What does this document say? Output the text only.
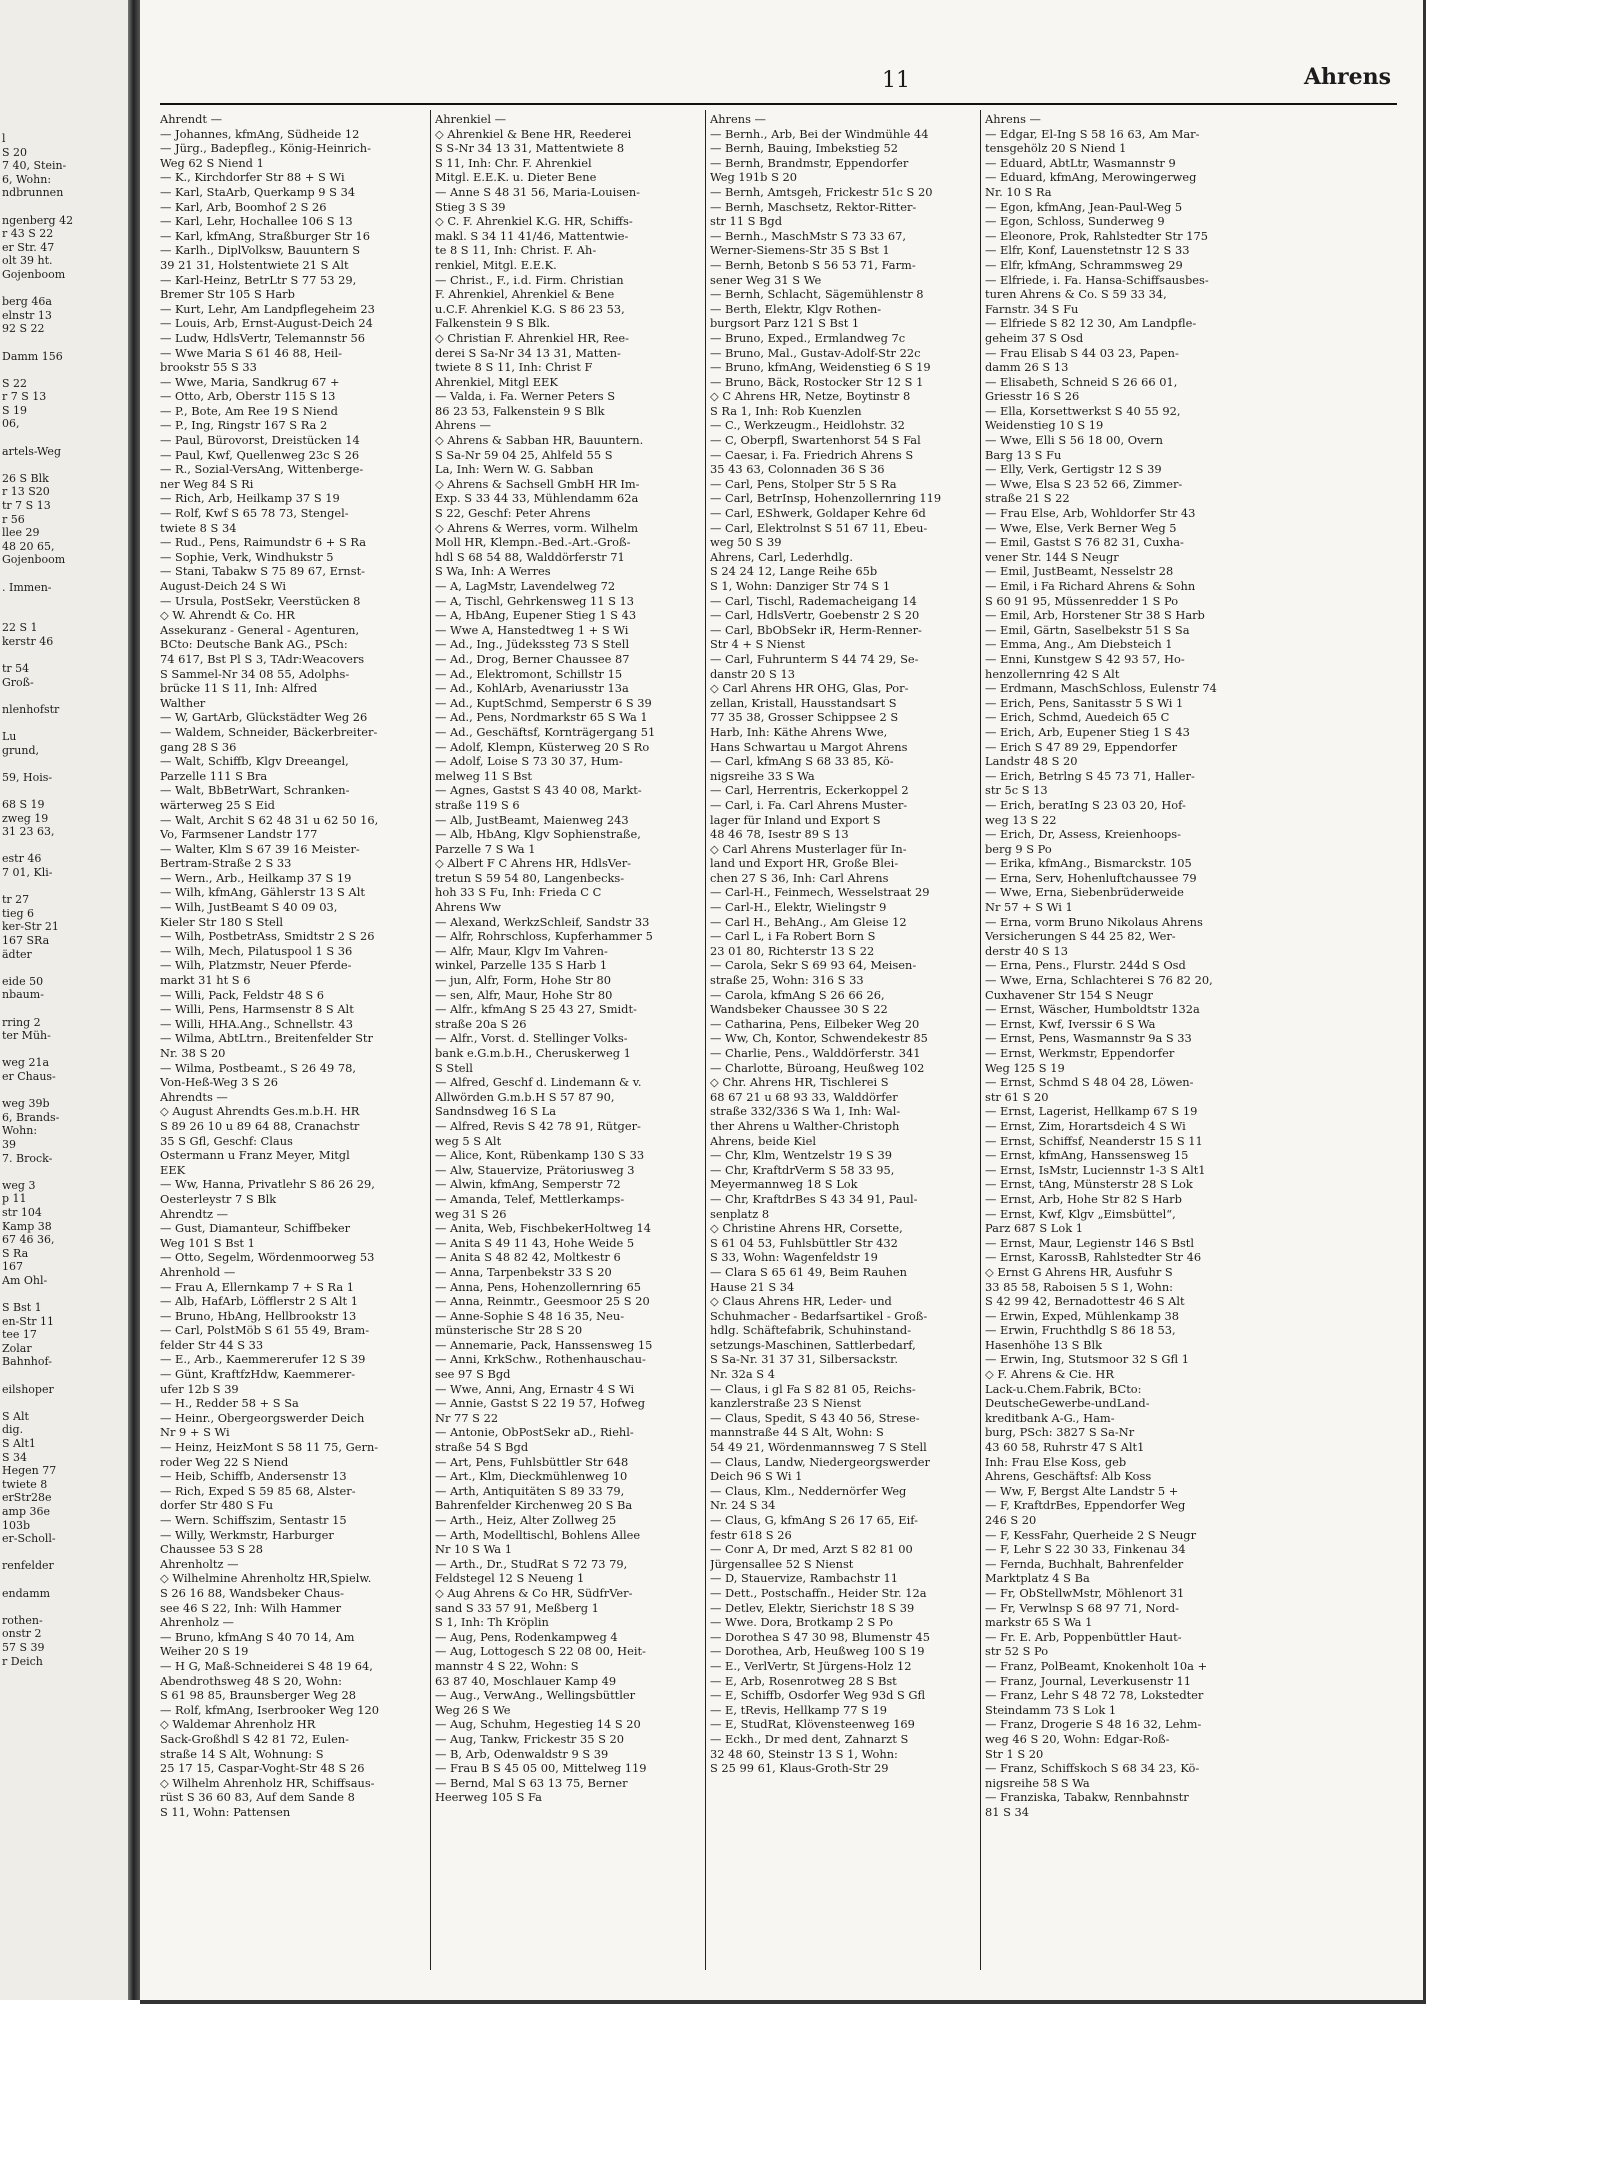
l
S 20
7 40, Stein-
6, Wohn:
ndbrunnen
ngenberg 42
r 43 S 22
er Str. 47
olt 39 ht.
Gojenboom
berg 46a
elnstr 13
92 S 22
Damm 156
S 22
r 7 S 13
S 19
06,
artels-Weg
26 S Blk
r 13 S20
tr 7 S 13
r 56
llee 29
48 20 65,
Gojenboom
. Immen-
22 S 1
kerstr 46
tr 54
Groß-
nlenhofstr
Lu
grund,
59, Hois-
68 S 19
zweg 19
31 23 63,
estr 46
7 01, Kli-
tr 27
tieg 6
ker-Str 21
167 SRa
ädter
eide 50
nbaum-
rring 2
ter Müh-
weg 21a
er Chaus-
weg 39b
6, Brands-
Wohn:
39
7. Brock-
weg 3
p 11
str 104
Kamp 38
67 46 36,
S Ra
167
Am Ohl-
S Bst 1
en-Str 11
tee 17
Zolar
Bahnhof-
eilshoper
S Alt
dig.
S Alt1
S 34
Hegen 77
twiete 8
erStr28e
amp 36e
103b
er-Scholl-
renfelder
endamm
rothen-
onstr 2
57 S 39
r Deich
11	Ahrens
Ahrendt —
— Johannes, kfmAng, Südheide 12
— Jürg., Badepfleg., König-Heinrich-
Weg 62 S Niend 1
— K., Kirchdorfer Str 88 + S Wi
— Karl, StaArb, Querkamp 9 S 34
— Karl, Arb, Boomhof 2 S 26
— Karl, Lehr, Hochallee 106 S 13
— Karl, kfmAng, Straßburger Str 16
— Karlh., DiplVolksw, Bauuntern S
39 21 31, Holstentwiete 21 S Alt
— Karl-Heinz, BetrLtr S 77 53 29,
Bremer Str 105 S Harb
— Kurt, Lehr, Am Landpflegeheim 23
— Louis, Arb, Ernst-August-Deich 24
— Ludw, HdlsVertr, Telemannstr 56
— Wwe Maria S 61 46 88, Heil-
brookstr 55 S 33
— Wwe, Maria, Sandkrug 67 +
— Otto, Arb, Oberstr 115 S 13
— P., Bote, Am Ree 19 S Niend
— P., Ing, Ringstr 167 S Ra 2
— Paul, Bürovorst, Dreistücken 14
— Paul, Kwf, Quellenweg 23c S 26
— R., Sozial-VersAng, Wittenberge-
ner Weg 84 S Ri
— Rich, Arb, Heilkamp 37 S 19
— Rolf, Kwf S 65 78 73, Stengel-
twiete 8 S 34
— Rud., Pens, Raimundstr 6 + S Ra
— Sophie, Verk, Windhukstr 5
— Stani, Tabakw S 75 89 67, Ernst-
August-Deich 24 S Wi
— Ursula, PostSekr, Veerstücken 8
◇ W. Ahrendt & Co. HR
Assekuranz - General - Agenturen,
BCto: Deutsche Bank AG., PSch:
74 617, Bst Pl S 3, TAdr:Weacovers
S Sammel-Nr 34 08 55, Adolphs-
brücke 11 S 11, Inh: Alfred
Walther
— W, GartArb, Glückstädter Weg 26
— Waldem, Schneider, Bäckerbreiter-
gang 28 S 36
— Walt, Schiffb, Klgv Dreeangel,
Parzelle 111 S Bra
— Walt, BbBetrWart, Schranken-
wärterweg 25 S Eid
— Walt, Archit S 62 48 31 u 62 50 16,
Vo, Farmsener Landstr 177
— Walter, Klm S 67 39 16 Meister-
Bertram-Straße 2 S 33
— Wern., Arb., Heilkamp 37 S 19
— Wilh, kfmAng, Gählerstr 13 S Alt
— Wilh, JustBeamt S 40 09 03,
Kieler Str 180 S Stell
— Wilh, PostbetrAss, Smidtstr 2 S 26
— Wilh, Mech, Pilatuspool 1 S 36
— Wilh, Platzmstr, Neuer Pferde-
markt 31 ht S 6
— Willi, Pack, Feldstr 48 S 6
— Willi, Pens, Harmsenstr 8 S Alt
— Willi, HHA.Ang., Schnellstr. 43
— Wilma, AbtLtrn., Breitenfelder Str
Nr. 38 S 20
— Wilma, Postbeamt., S 26 49 78,
Von-Heß-Weg 3 S 26
Ahrendts —
◇ August Ahrendts Ges.m.b.H. HR
S 89 26 10 u 89 64 88, Cranachstr
35 S Gfl, Geschf: Claus
Ostermann u Franz Meyer, Mitgl
EEK
— Ww, Hanna, Privatlehr S 86 26 29,
Oesterleystr 7 S Blk
Ahrendtz —
— Gust, Diamanteur, Schiffbeker
Weg 101 S Bst 1
— Otto, Segelm, Wördenmoorweg 53
Ahrenhold —
— Frau A, Ellernkamp 7 + S Ra 1
— Alb, HafArb, Löfflerstr 2 S Alt 1
— Bruno, HbAng, Hellbrookstr 13
— Carl, PolstMöb S 61 55 49, Bram-
felder Str 44 S 33
— E., Arb., Kaemmererufer 12 S 39
— Günt, KraftfzHdw, Kaemmerer-
ufer 12b S 39
— H., Redder 58 + S Sa
— Heinr., Obergeorgswerder Deich
Nr 9 + S Wi
— Heinz, HeizMont S 58 11 75, Gern-
roder Weg 22 S Niend
— Heib, Schiffb, Andersenstr 13
— Rich, Exped S 59 85 68, Alster-
dorfer Str 480 S Fu
— Wern. Schiffszim, Sentastr 15
— Willy, Werkmstr, Harburger
Chaussee 53 S 28
Ahrenholtz —
◇ Wilhelmine Ahrenholtz HR,Spielw.
S 26 16 88, Wandsbeker Chaus-
see 46 S 22, Inh: Wilh Hammer
Ahrenholz —
— Bruno, kfmAng S 40 70 14, Am
Weiher 20 S 19
— H G, Maß-Schneiderei S 48 19 64,
Abendrothsweg 48 S 20, Wohn:
S 61 98 85, Braunsberger Weg 28
— Rolf, kfmAng, Iserbrooker Weg 120
◇ Waldemar Ahrenholz HR
Sack-Großhdl S 42 81 72, Eulen-
straße 14 S Alt, Wohnung: S
25 17 15, Caspar-Voght-Str 48 S 26
◇ Wilhelm Ahrenholz HR, Schiffsaus-
rüst S 36 60 83, Auf dem Sande 8
S 11, Wohn: Pattensen
Ahrenkiel —
◇ Ahrenkiel & Bene HR, Reederei
S S-Nr 34 13 31, Mattentwiete 8
S 11, Inh: Chr. F. Ahrenkiel
Mitgl. E.E.K. u. Dieter Bene
— Anne S 48 31 56, Maria-Louisen-
Stieg 3 S 39
◇ C. F. Ahrenkiel K.G. HR, Schiffs-
makl. S 34 11 41/46, Mattentwie-
te 8 S 11, Inh: Christ. F. Ah-
renkiel, Mitgl. E.E.K.
— Christ., F., i.d. Firm. Christian
F. Ahrenkiel, Ahrenkiel & Bene
u.C.F. Ahrenkiel K.G. S 86 23 53,
Falkenstein 9 S Blk.
◇ Christian F. Ahrenkiel HR, Ree-
derei S Sa-Nr 34 13 31, Matten-
twiete 8 S 11, Inh: Christ F
Ahrenkiel, Mitgl EEK
— Valda, i. Fa. Werner Peters S
86 23 53, Falkenstein 9 S Blk
Ahrens —
◇ Ahrens & Sabban HR, Bauuntern.
S Sa-Nr 59 04 25, Ahlfeld 55 S
La, Inh: Wern W. G. Sabban
◇ Ahrens & Sachsell GmbH HR Im-
Exp. S 33 44 33, Mühlendamm 62a
S 22, Geschf: Peter Ahrens
◇ Ahrens & Werres, vorm. Wilhelm
Moll HR, Klempn.-Bed.-Art.-Groß-
hdl S 68 54 88, Walddörferstr 71
S Wa, Inh: A Werres
— A, LagMstr, Lavendelweg 72
— A, Tischl, Gehrkensweg 11 S 13
— A, HbAng, Eupener Stieg 1 S 43
— Wwe A, Hanstedtweg 1 + S Wi
— Ad., Ing., Jüdekssteg 73 S Stell
— Ad., Drog, Berner Chaussee 87
— Ad., Elektromont, Schillstr 15
— Ad., KohlArb, Avenariusstr 13a
— Ad., KuptSchmd, Semperstr 6 S 39
— Ad., Pens, Nordmarkstr 65 S Wa 1
— Ad., Geschäftsf, Kornträgergang 51
— Adolf, Klempn, Küsterweg 20 S Ro
— Adolf, Loise S 73 30 37, Hum-
melweg 11 S Bst
— Agnes, Gastst S 43 40 08, Markt-
straße 119 S 6
— Alb, JustBeamt, Maienweg 243
— Alb, HbAng, Klgv Sophienstraße,
Parzelle 7 S Wa 1
◇ Albert F C Ahrens HR, HdlsVer-
tretun S 59 54 80, Langenbecks-
hoh 33 S Fu, Inh: Frieda C C
Ahrens Ww
— Alexand, WerkzSchleif, Sandstr 33
— Alfr, Rohrschloss, Kupferhammer 5
— Alfr, Maur, Klgv Im Vahren-
winkel, Parzelle 135 S Harb 1
— jun, Alfr, Form, Hohe Str 80
— sen, Alfr, Maur, Hohe Str 80
— Alfr., kfmAng S 25 43 27, Smidt-
straße 20a S 26
— Alfr., Vorst. d. Stellinger Volks-
bank e.G.m.b.H., Cheruskerweg 1
S Stell
— Alfred, Geschf d. Lindemann & v.
Allwörden G.m.b.H S 57 87 90,
Sandnsdweg 16 S La
— Alfred, Revis S 42 78 91, Rütger-
weg 5 S Alt
— Alice, Kont, Rübenkamp 130 S 33
— Alw, Stauervize, Prätoriusweg 3
— Alwin, kfmAng, Semperstr 72
— Amanda, Telef, Mettlerkamps-
weg 31 S 26
— Anita, Web, FischbekerHoltweg 14
— Anita S 49 11 43, Hohe Weide 5
— Anita S 48 82 42, Moltkestr 6
— Anna, Tarpenbekstr 33 S 20
— Anna, Pens, Hohenzollernring 65
— Anna, Reinmtr., Geesmoor 25 S 20
— Anne-Sophie S 48 16 35, Neu-
münsterische Str 28 S 20
— Annemarie, Pack, Hanssensweg 15
— Anni, KrkSchw., Rothenhauschau-
see 97 S Bgd
— Wwe, Anni, Ang, Ernastr 4 S Wi
— Annie, Gastst S 22 19 57, Hofweg
Nr 77 S 22
— Antonie, ObPostSekr aD., Riehl-
straße 54 S Bgd
— Art, Pens, Fuhlsbüttler Str 648
— Art., Klm, Dieckmühlenweg 10
— Arth, Antiquitäten S 89 33 79,
Bahrenfelder Kirchenweg 20 S Ba
— Arth., Heiz, Alter Zollweg 25
— Arth, Modelltischl, Bohlens Allee
Nr 10 S Wa 1
— Arth., Dr., StudRat S 72 73 79,
Feldstegel 12 S Neueng 1
◇ Aug Ahrens & Co HR, SüdfrVer-
sand S 33 57 91, Meßberg 1
S 1, Inh: Th Kröplin
— Aug, Pens, Rodenkampweg 4
— Aug, Lottogesch S 22 08 00, Heit-
mannstr 4 S 22, Wohn: S
63 87 40, Moschlauer Kamp 49
— Aug., VerwAng., Wellingsbüttler
Weg 26 S We
— Aug, Schuhm, Hegestieg 14 S 20
— Aug, Tankw, Frickestr 35 S 20
— B, Arb, Odenwaldstr 9 S 39
— Frau B S 45 05 00, Mittelweg 119
— Bernd, Mal S 63 13 75, Berner
Heerweg 105 S Fa
Ahrens —
— Bernh., Arb, Bei der Windmühle 44
— Bernh, Bauing, Imbekstieg 52
— Bernh, Brandmstr, Eppendorfer
Weg 191b S 20
— Bernh, Amtsgeh, Frickestr 51c S 20
— Bernh, Maschsetz, Rektor-Ritter-
str 11 S Bgd
— Bernh., MaschMstr S 73 33 67,
Werner-Siemens-Str 35 S Bst 1
— Bernh, Betonb S 56 53 71, Farm-
sener Weg 31 S We
— Bernh, Schlacht, Sägemühlenstr 8
— Berth, Elektr, Klgv Rothen-
burgsort Parz 121 S Bst 1
— Bruno, Exped., Ermlandweg 7c
— Bruno, Mal., Gustav-Adolf-Str 22c
— Bruno, kfmAng, Weidenstieg 6 S 19
— Bruno, Bäck, Rostocker Str 12 S 1
◇ C Ahrens HR, Netze, Boytinstr 8
S Ra 1, Inh: Rob Kuenzlen
— C., Werkzeugm., Heidlohstr. 32
— C, Oberpfl, Swartenhorst 54 S Fal
— Caesar, i. Fa. Friedrich Ahrens S
35 43 63, Colonnaden 36 S 36
— Carl, Pens, Stolper Str 5 S Ra
— Carl, BetrInsp, Hohenzollernring 119
— Carl, EShwerk, Goldaper Kehre 6d
— Carl, Elektrolnst S 51 67 11, Ebeu-
weg 50 S 39
Ahrens, Carl, Lederhdlg.
S 24 24 12, Lange Reihe 65b
S 1, Wohn: Danziger Str 74 S 1
— Carl, Tischl, Rademacheigang 14
— Carl, HdlsVertr, Goebenstr 2 S 20
— Carl, BbObSekr iR, Herm-Renner-
Str 4 + S Nienst
— Carl, Fuhrunterm S 44 74 29, Se-
danstr 20 S 13
◇ Carl Ahrens HR OHG, Glas, Por-
zellan, Kristall, Hausstandsart S
77 35 38, Grosser Schippsee 2 S
Harb, Inh: Käthe Ahrens Wwe,
Hans Schwartau u Margot Ahrens
— Carl, kfmAng S 68 33 85, Kö-
nigsreihe 33 S Wa
— Carl, Herrentris, Eckerkoppel 2
— Carl, i. Fa. Carl Ahrens Muster-
lager für Inland und Export S
48 46 78, Isestr 89 S 13
◇ Carl Ahrens Musterlager für In-
land und Export HR, Große Blei-
chen 27 S 36, Inh: Carl Ahrens
— Carl-H., Feinmech, Wesselstraat 29
— Carl-H., Elektr, Wielingstr 9
— Carl H., BehAng., Am Gleise 12
— Carl L, i Fa Robert Born S
23 01 80, Richterstr 13 S 22
— Carola, Sekr S 69 93 64, Meisen-
straße 25, Wohn: 316 S 33
— Carola, kfmAng S 26 66 26,
Wandsbeker Chaussee 30 S 22
— Catharina, Pens, Eilbeker Weg 20
— Ww, Ch, Kontor, Schwendekestr 85
— Charlie, Pens., Walddörferstr. 341
— Charlotte, Büroang, Heußweg 102
◇ Chr. Ahrens HR, Tischlerei S
68 67 21 u 68 93 33, Walddörfer
straße 332/336 S Wa 1, Inh: Wal-
ther Ahrens u Walther-Christoph
Ahrens, beide Kiel
— Chr, Klm, Wentzelstr 19 S 39
— Chr, KraftdrVerm S 58 33 95,
Meyermannweg 18 S Lok
— Chr, KraftdrBes S 43 34 91, Paul-
senplatz 8
◇ Christine Ahrens HR, Corsette,
S 61 04 53, Fuhlsbüttler Str 432
S 33, Wohn: Wagenfeldstr 19
— Clara S 65 61 49, Beim Rauhen
Hause 21 S 34
◇ Claus Ahrens HR, Leder- und
Schuhmacher - Bedarfsartikel - Groß-
hdlg. Schäftefabrik, Schuhinstand-
setzungs-Maschinen, Sattlerbedarf,
S Sa-Nr. 31 37 31, Silbersackstr.
Nr. 32a S 4
— Claus, i gl Fa S 82 81 05, Reichs-
kanzlerstraße 23 S Nienst
— Claus, Spedit, S 43 40 56, Strese-
mannstraße 44 S Alt, Wohn: S
54 49 21, Wördenmannsweg 7 S Stell
— Claus, Landw, Niedergeorgswerder
Deich 96 S Wi 1
— Claus, Klm., Neddernörfer Weg
Nr. 24 S 34
— Claus, G, kfmAng S 26 17 65, Eif-
festr 618 S 26
— Conr A, Dr med, Arzt S 82 81 00
Jürgensallee 52 S Nienst
— D, Stauervize, Rambachstr 11
— Dett., Postschaffn., Heider Str. 12a
— Detlev, Elektr, Sierichstr 18 S 39
— Wwe. Dora, Brotkamp 2 S Po
— Dorothea S 47 30 98, Blumenstr 45
— Dorothea, Arb, Heußweg 100 S 19
— E., VerlVertr, St Jürgens-Holz 12
— E, Arb, Rosenrotweg 28 S Bst
— E, Schiffb, Osdorfer Weg 93d S Gfl
— E, tRevis, Hellkamp 77 S 19
— E, StudRat, Klövensteenweg 169
— Eckh., Dr med dent, Zahnarzt S
32 48 60, Steinstr 13 S 1, Wohn:
S 25 99 61, Klaus-Groth-Str 29
Ahrens —
— Edgar, El-Ing S 58 16 63, Am Mar-
tensgehölz 20 S Niend 1
— Eduard, AbtLtr, Wasmannstr 9
— Eduard, kfmAng, Merowingerweg
Nr. 10 S Ra
— Egon, kfmAng, Jean-Paul-Weg 5
— Egon, Schloss, Sunderweg 9
— Eleonore, Prok, Rahlstedter Str 175
— Elfr, Konf, Lauenstetnstr 12 S 33
— Elfr, kfmAng, Schrammsweg 29
— Elfriede, i. Fa. Hansa-Schiffsausbes-
turen Ahrens & Co. S 59 33 34,
Farnstr. 34 S Fu
— Elfriede S 82 12 30, Am Landpfle-
geheim 37 S Osd
— Frau Elisab S 44 03 23, Papen-
damm 26 S 13
— Elisabeth, Schneid S 26 66 01,
Griesstr 16 S 26
— Ella, Korsettwerkst S 40 55 92,
Weidenstieg 10 S 19
— Wwe, Elli S 56 18 00, Overn
Barg 13 S Fu
— Elly, Verk, Gertigstr 12 S 39
— Wwe, Elsa S 23 52 66, Zimmer-
straße 21 S 22
— Frau Else, Arb, Wohldorfer Str 43
— Wwe, Else, Verk Berner Weg 5
— Emil, Gastst S 76 82 31, Cuxha-
vener Str. 144 S Neugr
— Emil, JustBeamt, Nesselstr 28
— Emil, i Fa Richard Ahrens & Sohn
S 60 91 95, Müssenredder 1 S Po
— Emil, Arb, Horstener Str 38 S Harb
— Emil, Gärtn, Saselbekstr 51 S Sa
— Emma, Ang., Am Diebsteich 1
— Enni, Kunstgew S 42 93 57, Ho-
henzollernring 42 S Alt
— Erdmann, MaschSchloss, Eulenstr 74
— Erich, Pens, Sanitasstr 5 S Wi 1
— Erich, Schmd, Auedeich 65 C
— Erich, Arb, Eupener Stieg 1 S 43
— Erich S 47 89 29, Eppendorfer
Landstr 48 S 20
— Erich, Betrlng S 45 73 71, Haller-
str 5c S 13
— Erich, beratIng S 23 03 20, Hof-
weg 13 S 22
— Erich, Dr, Assess, Kreienhoops-
berg 9 S Po
— Erika, kfmAng., Bismarckstr. 105
— Erna, Serv, Hohenluftchaussee 79
— Wwe, Erna, Siebenbrüderweide
Nr 57 + S Wi 1
— Erna, vorm Bruno Nikolaus Ahrens
Versicherungen S 44 25 82, Wer-
derstr 40 S 13
— Erna, Pens., Flurstr. 244d S Osd
— Wwe, Erna, Schlachterei S 76 82 20,
Cuxhavener Str 154 S Neugr
— Ernst, Wäscher, Humboldtstr 132a
— Ernst, Kwf, Iverssir 6 S Wa
— Ernst, Pens, Wasmannstr 9a S 33
— Ernst, Werkmstr, Eppendorfer
Weg 125 S 19
— Ernst, Schmd S 48 04 28, Löwen-
str 61 S 20
— Ernst, Lagerist, Hellkamp 67 S 19
— Ernst, Zim, Horartsdeich 4 S Wi
— Ernst, Schiffsf, Neanderstr 15 S 11
— Ernst, kfmAng, Hanssensweg 15
— Ernst, IsMstr, Luciennstr 1-3 S Alt1
— Ernst, tAng, Münsterstr 28 S Lok
— Ernst, Arb, Hohe Str 82 S Harb
— Ernst, Kwf, Klgv „Eimsbüttel“,
Parz 687 S Lok 1
— Ernst, Maur, Legienstr 146 S Bstl
— Ernst, KarossB, Rahlstedter Str 46
◇ Ernst G Ahrens HR, Ausfuhr S
33 85 58, Raboisen 5 S 1, Wohn:
S 42 99 42, Bernadottestr 46 S Alt
— Erwin, Exped, Mühlenkamp 38
— Erwin, Fruchthdlg S 86 18 53,
Hasenhöhe 13 S Blk
— Erwin, Ing, Stutsmoor 32 S Gfl 1
◇ F. Ahrens & Cie. HR
Lack-u.Chem.Fabrik, BCto:
DeutscheGewerbe-undLand-
kreditbank A-G., Ham-
burg, PSch: 3827 S Sa-Nr
43 60 58, Ruhrstr 47 S Alt1
Inh: Frau Else Koss, geb
Ahrens, Geschäftsf: Alb Koss
— Ww, F, Bergst Alte Landstr 5 +
— F, KraftdrBes, Eppendorfer Weg
246 S 20
— F, KessFahr, Querheide 2 S Neugr
— F, Lehr S 22 30 33, Finkenau 34
— Fernda, Buchhalt, Bahrenfelder
Marktplatz 4 S Ba
— Fr, ObStellwMstr, Möhlenort 31
— Fr, Verwlnsp S 68 97 71, Nord-
markstr 65 S Wa 1
— Fr. E. Arb, Poppenbüttler Haut-
str 52 S Po
— Franz, PolBeamt, Knokenholt 10a +
— Franz, Journal, Leverkusenstr 11
— Franz, Lehr S 48 72 78, Lokstedter
Steindamm 73 S Lok 1
— Franz, Drogerie S 48 16 32, Lehm-
weg 46 S 20, Wohn: Edgar-Roß-
Str 1 S 20
— Franz, Schiffskoch S 68 34 23, Kö-
nigsreihe 58 S Wa
— Franziska, Tabakw, Rennbahnstr
81 S 34
